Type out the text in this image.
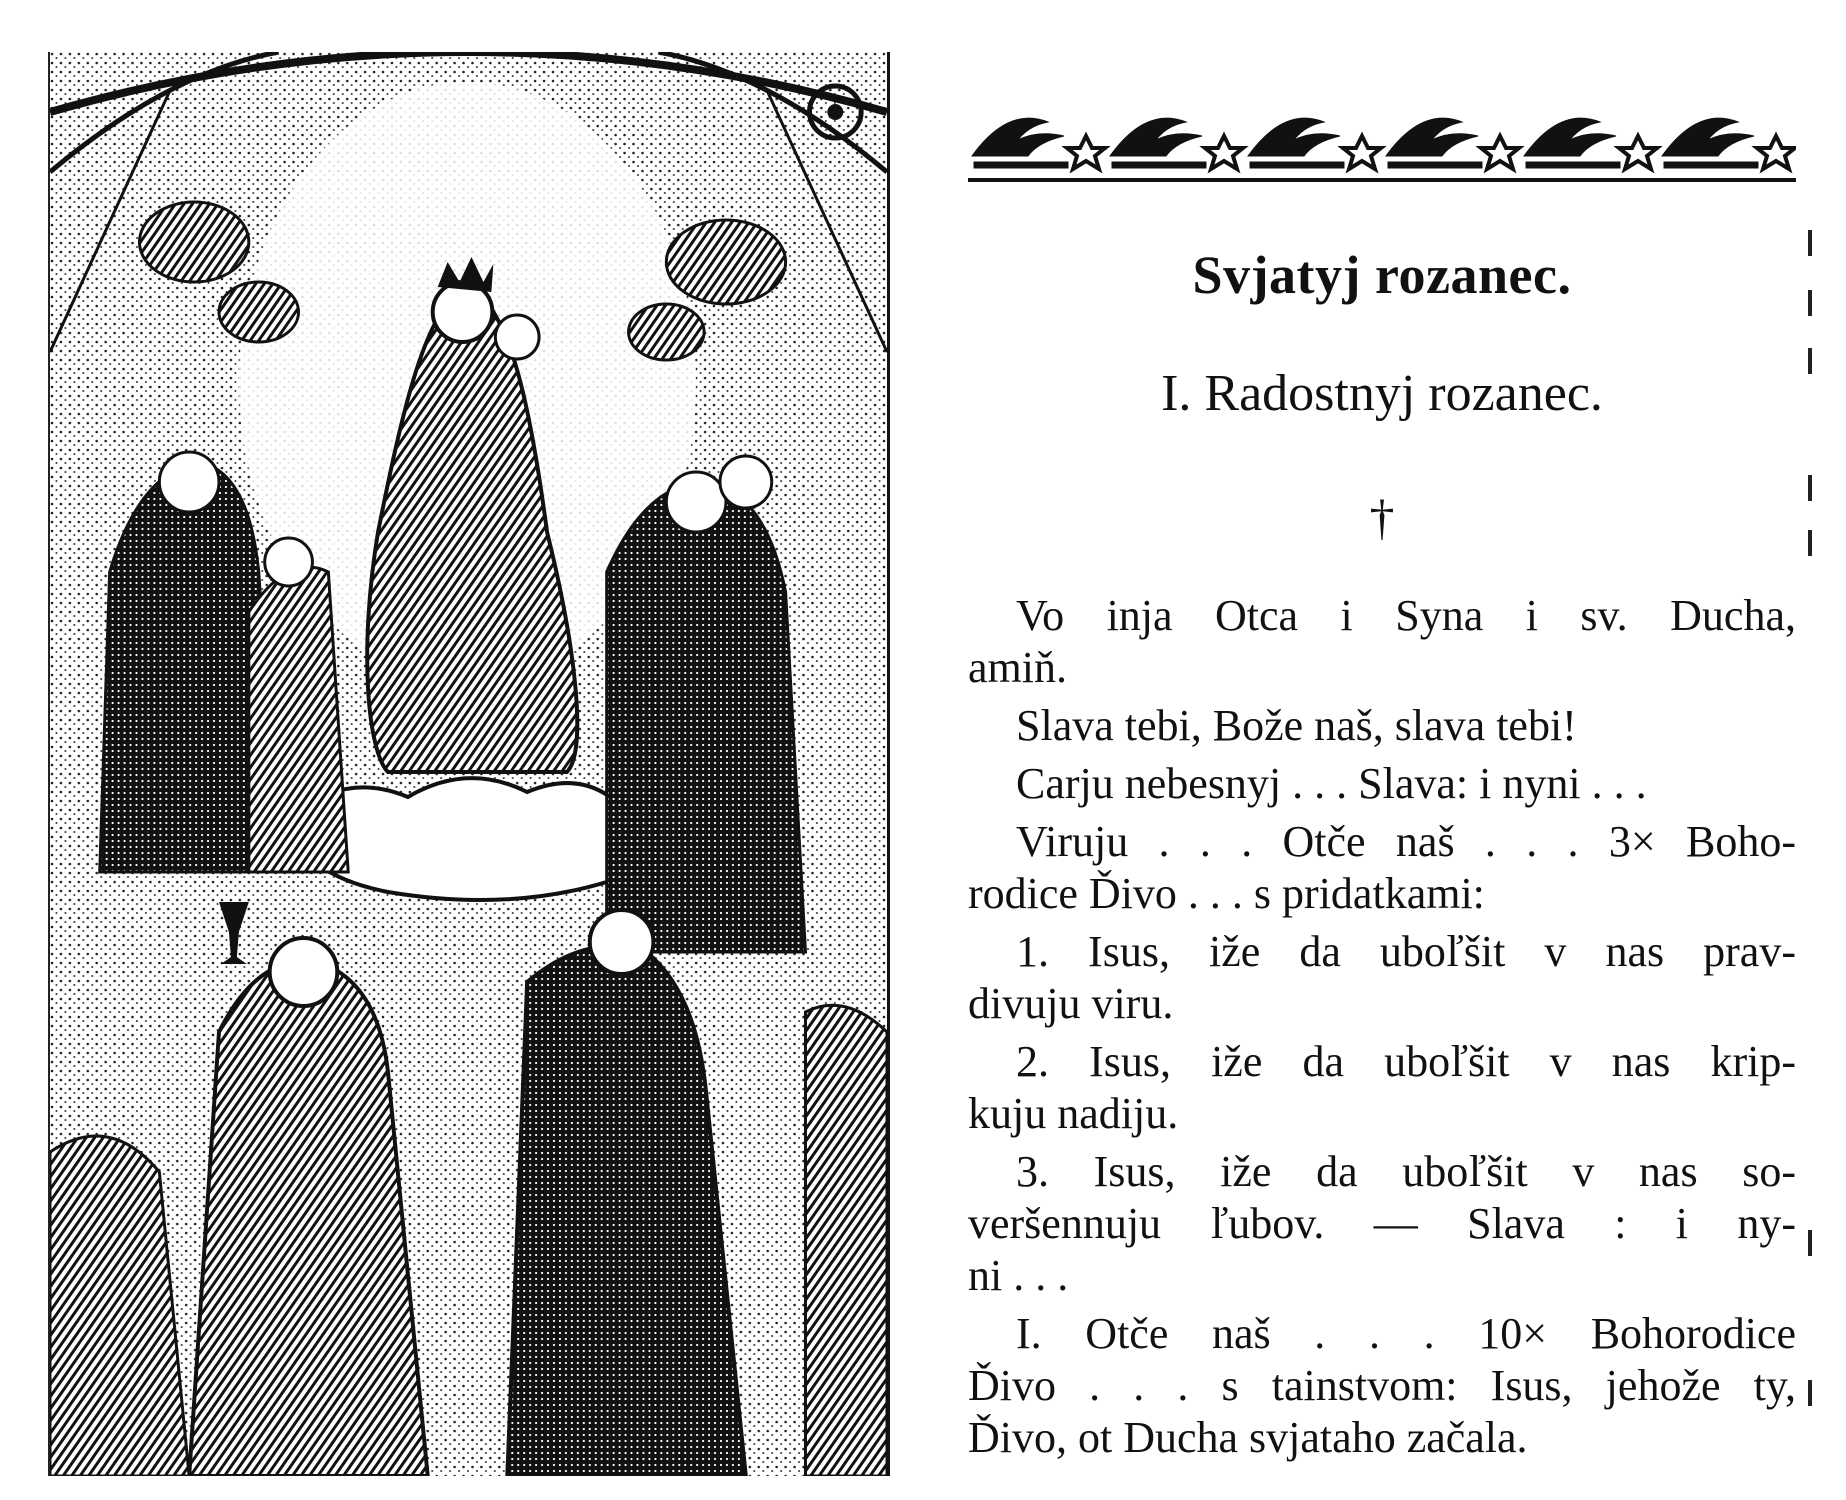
Svjatyj rozanec.
I. Radostnyj rozanec.
†

Vo inja Otca i Syna i sv. Ducha,
amiň.

Slava tebi, Bože naš, slava tebi!

Carju nebesnyj . . . Slava: i nyni . . .

Viruju . . . Otče naš . . . 3× Boho-
rodice Ďivo . . . s pridatkami:

1. Isus, iže da uboľšit v nas prav-
divuju viru.

2. Isus, iže da uboľšit v nas krip-
kuju nadiju.

3. Isus, iže da uboľšit v nas so-
veršennuju ľubov. — Slava : i ny-
ni . . .

I. Otče naš . . . 10× Bohorodice
Ďivo . . . s tainstvom: Isus, jehože ty,
Ďivo, ot Ducha svjataho začala.
